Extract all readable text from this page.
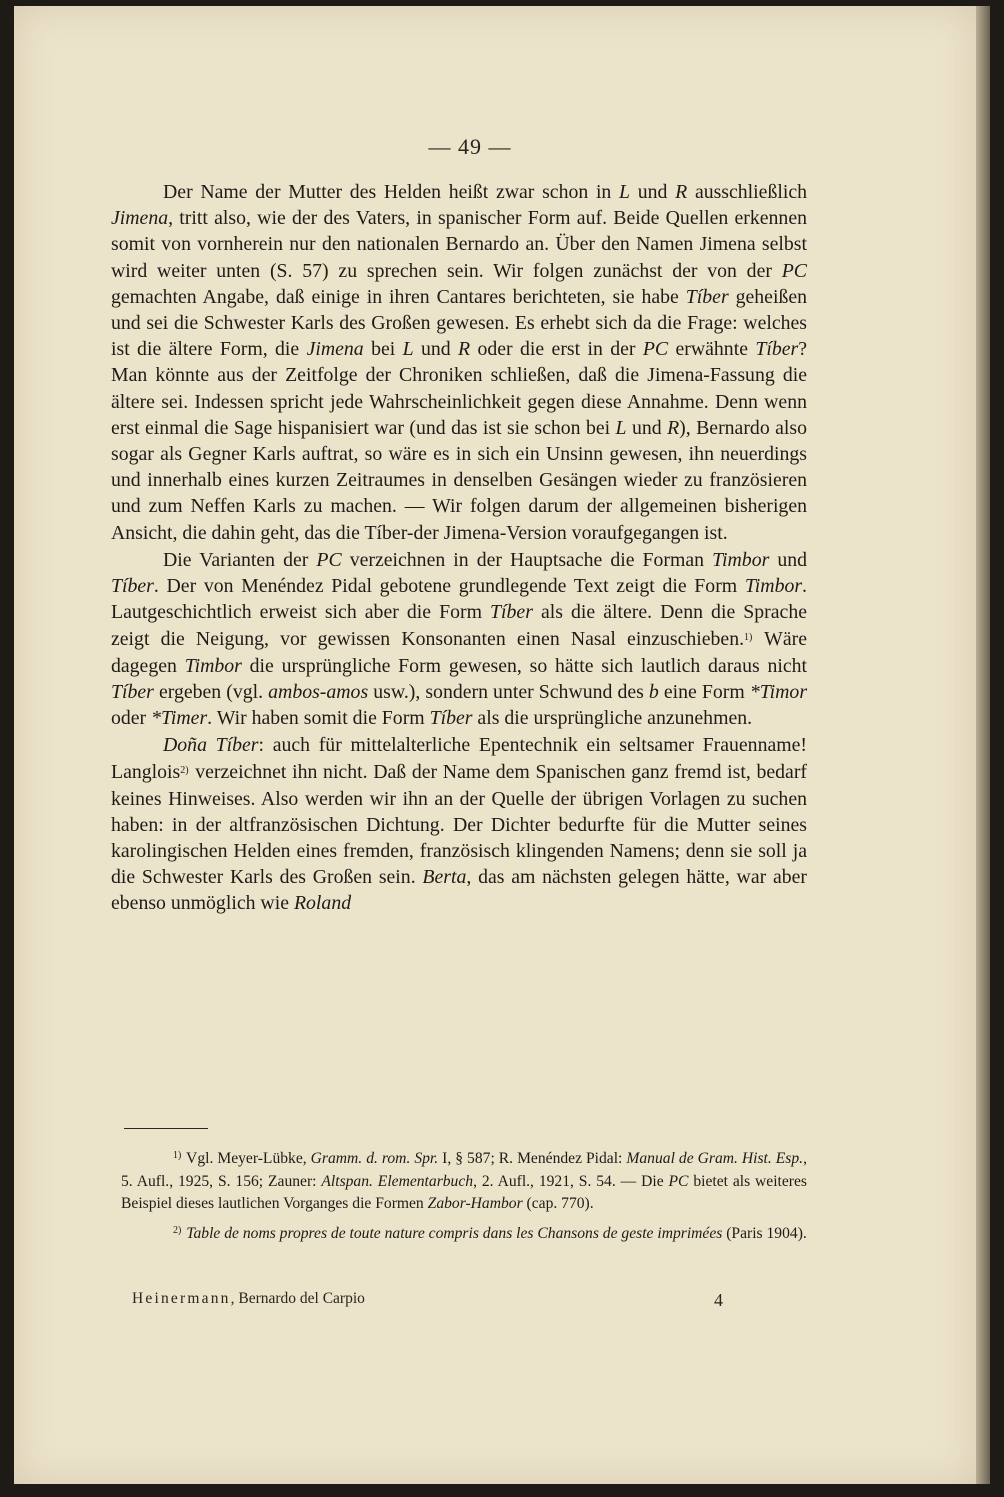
— 49 —

Der Name der Mutter des Helden heißt zwar schon in L und R ausschließlich Jimena, tritt also, wie der des Vaters, in spanischer Form auf. Beide Quellen erkennen somit von vornherein nur den nationalen Bernardo an. Über den Namen Jimena selbst wird weiter unten (S. 57) zu sprechen sein. Wir folgen zunächst der von der PC gemachten Angabe, daß einige in ihren Cantares berichteten, sie habe Tíber geheißen und sei die Schwester Karls des Großen gewesen. Es erhebt sich da die Frage: welches ist die ältere Form, die Jimena bei L und R oder die erst in der PC erwähnte Tíber? Man könnte aus der Zeitfolge der Chroniken schließen, daß die Jimena-Fassung die ältere sei. Indessen spricht jede Wahrscheinlichkeit gegen diese Annahme. Denn wenn erst einmal die Sage hispanisiert war (und das ist sie schon bei L und R), Bernardo also sogar als Gegner Karls auftrat, so wäre es in sich ein Unsinn gewesen, ihn neuerdings und innerhalb eines kurzen Zeitraumes in denselben Gesängen wieder zu französieren und zum Neffen Karls zu machen. — Wir folgen darum der allgemeinen bisherigen Ansicht, die dahin geht, das die Tíber-der Jimena-Version voraufgegangen ist.

Die Varianten der PC verzeichnen in der Hauptsache die Forman Timbor und Tíber. Der von Menéndez Pidal gebotene grundlegende Text zeigt die Form Timbor. Lautgeschichtlich erweist sich aber die Form Tíber als die ältere. Denn die Sprache zeigt die Neigung, vor gewissen Konsonanten einen Nasal einzuschieben.$^{1)}$ Wäre dagegen Timbor die ursprüngliche Form gewesen, so hätte sich lautlich daraus nicht Tíber ergeben (vgl. ambos-amos usw.), sondern unter Schwund des b eine Form *Timor oder *Timer. Wir haben somit die Form Tíber als die ursprüngliche anzunehmen.

Doña Tíber: auch für mittelalterliche Epentechnik ein seltsamer Frauenname! Langlois$^{2)}$ verzeichnet ihn nicht. Daß der Name dem Spanischen ganz fremd ist, bedarf keines Hinweises. Also werden wir ihn an der Quelle der übrigen Vorlagen zu suchen haben: in der altfranzösischen Dichtung. Der Dichter bedurfte für die Mutter seines karolingischen Helden eines fremden, französisch klingenden Namens; denn sie soll ja die Schwester Karls des Großen sein. Berta, das am nächsten gelegen hätte, war aber ebenso unmöglich wie Roland

$^{1)}$ Vgl. Meyer-Lübke, Gramm. d. rom. Spr. I, § 587; R. Menéndez Pidal: Manual de Gram. Hist. Esp., 5. Aufl., 1925, S. 156; Zauner: Altspan. Elementarbuch, 2. Aufl., 1921, S. 54. — Die PC bietet als weiteres Beispiel dieses lautlichen Vorganges die Formen Zabor-Hambor (cap. 770).

$^{2)}$ Table de noms propres de toute nature compris dans les Chansons de geste imprimées (Paris 1904).

Heinermann, Bernardo del Carpio	4
